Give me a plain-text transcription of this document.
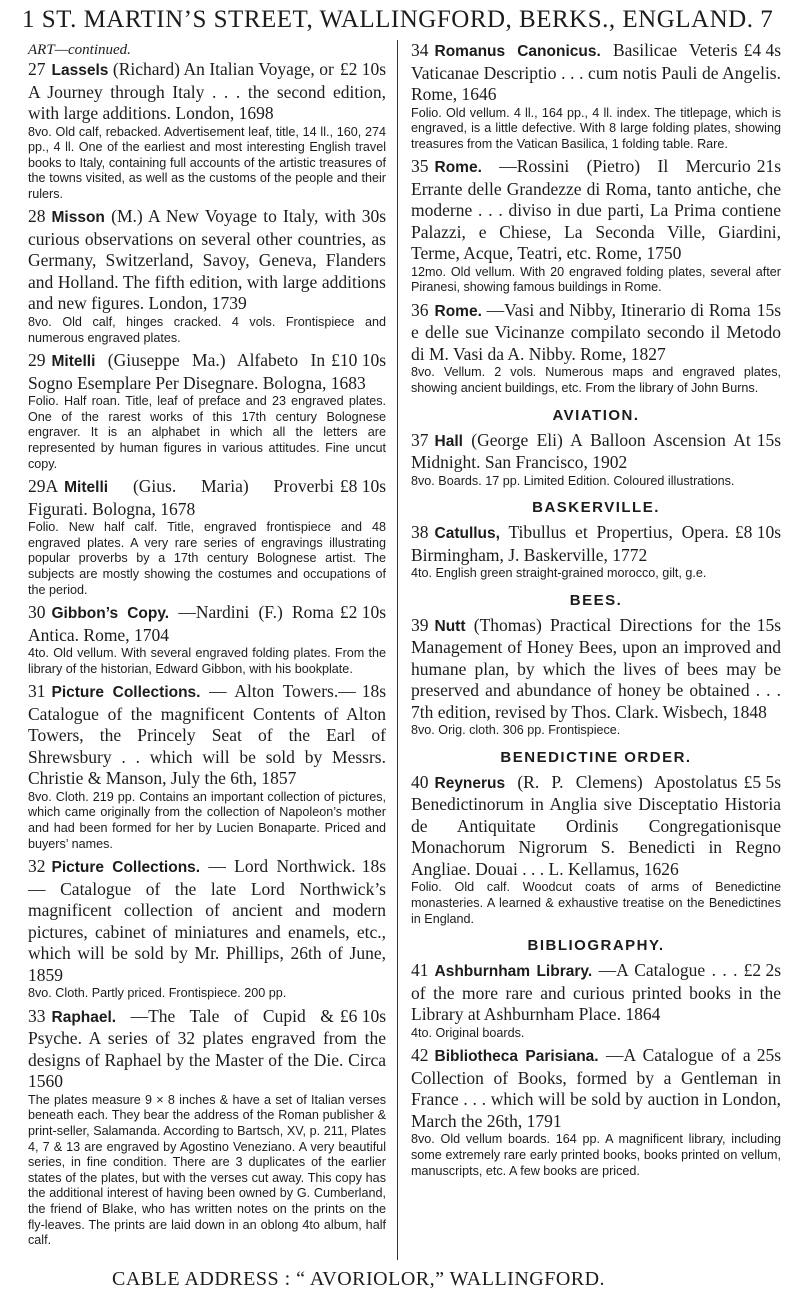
1 ST. MARTIN’S STREET, WALLINGFORD, BERKS., ENGLAND. 7
ART—continued.
£2 10s
27 Lassels (Richard) An Italian Voyage, or A Journey through Italy . . . the second edition, with large additions. London, 1698
8vo. Old calf, rebacked. Advertisement leaf, title, 14 ll., 160, 274 pp., 4 ll. One of the earliest and most interesting English travel books to Italy, containing full accounts of the artistic treasures of the towns visited, as well as the customs of the people and their rulers.
30s
28 Misson (M.) A New Voyage to Italy, with curious observations on several other countries, as Germany, Switzerland, Savoy, Geneva, Flanders and Holland. The fifth edition, with large additions and new figures. London, 1739
8vo. Old calf, hinges cracked. 4 vols. Frontispiece and numerous engraved plates.
£10 10s
29 Mitelli (Giuseppe Ma.) Alfabeto In Sogno Esemplare Per Disegnare. Bologna, 1683
Folio. Half roan. Title, leaf of preface and 23 engraved plates. One of the rarest works of this 17th century Bolognese engraver. It is an alphabet in which all the letters are represented by human figures in various attitudes. Fine uncut copy.
£8 10s
29A Mitelli (Gius. Maria) Proverbi Figurati. Bologna, 1678
Folio. New half calf. Title, engraved frontispiece and 48 engraved plates. A very rare series of engravings illustrating popular proverbs by a 17th century Bolognese artist. The subjects are mostly showing the costumes and occupations of the period.
£2 10s
30 Gibbon’s Copy. —Nardini (F.) Roma Antica. Rome, 1704
4to. Old vellum. With several engraved folding plates. From the library of the historian, Edward Gibbon, with his bookplate.
18s
31 Picture Collections. — Alton Towers.—Catalogue of the magnificent Contents of Alton Towers, the Princely Seat of the Earl of Shrewsbury . . which will be sold by Messrs. Christie & Manson, July the 6th, 1857
8vo. Cloth. 219 pp. Contains an important collection of pictures, which came originally from the collection of Napoleon’s mother and had been formed for her by Lucien Bonaparte. Priced and buyers’ names.
18s
32 Picture Collections. — Lord Northwick. — Catalogue of the late Lord Northwick’s magnificent collection of ancient and modern pictures, cabinet of miniatures and enamels, etc., which will be sold by Mr. Phillips, 26th of June, 1859
8vo. Cloth. Partly priced. Frontispiece. 200 pp.
£6 10s
33 Raphael. —The Tale of Cupid & Psyche. A series of 32 plates engraved from the designs of Raphael by the Master of the Die. Circa 1560
The plates measure 9 × 8 inches & have a set of Italian verses beneath each. They bear the address of the Roman publisher & print-seller, Salamanda. According to Bartsch, XV, p. 211, Plates 4, 7 & 13 are engraved by Agostino Veneziano. A very beautiful series, in fine condition. There are 3 duplicates of the earlier states of the plates, but with the verses cut away. This copy has the additional interest of having been owned by G. Cumberland, the friend of Blake, who has written notes on the prints on the fly-leaves. The prints are laid down in an oblong 4to album, half calf.
£4 4s
34 Romanus Canonicus. Basilicae Veteris Vaticanae Descriptio . . . cum notis Pauli de Angelis. Rome, 1646
Folio. Old vellum. 4 ll., 164 pp., 4 ll. index. The titlepage, which is engraved, is a little defective. With 8 large folding plates, showing treasures from the Vatican Basilica, 1 folding table. Rare.
21s
35 Rome. —Rossini (Pietro) Il Mercurio Errante delle Grandezze di Roma, tanto antiche, che moderne . . . diviso in due parti, La Prima contiene Palazzi, e Chiese, La Seconda Ville, Giardini, Terme, Acque, Teatri, etc. Rome, 1750
12mo. Old vellum. With 20 engraved folding plates, several after Piranesi, showing famous buildings in Rome.
15s
36 Rome. —Vasi and Nibby, Itinerario di Roma e delle sue Vicinanze compilato secondo il Metodo di M. Vasi da A. Nibby. Rome, 1827
8vo. Vellum. 2 vols. Numerous maps and engraved plates, showing ancient buildings, etc. From the library of John Burns.
AVIATION.
15s
37 Hall (George Eli) A Balloon Ascension At Midnight. San Francisco, 1902
8vo. Boards. 17 pp. Limited Edition. Coloured illustrations.
BASKERVILLE.
£8 10s
38 Catullus, Tibullus et Propertius, Opera. Birmingham, J. Baskerville, 1772
4to. English green straight-grained morocco, gilt, g.e.
BEES.
15s
39 Nutt (Thomas) Practical Directions for the Management of Honey Bees, upon an improved and humane plan, by which the lives of bees may be preserved and abundance of honey be obtained . . . 7th edition, revised by Thos. Clark. Wisbech, 1848
8vo. Orig. cloth. 306 pp. Frontispiece.
BENEDICTINE ORDER.
£5 5s
40 Reynerus (R. P. Clemens) Apostolatus Benedictinorum in Anglia sive Disceptatio Historia de Antiquitate Ordinis Congregationisque Monachorum Nigrorum S. Benedicti in Regno Angliae. Douai . . . L. Kellamus, 1626
Folio. Old calf. Woodcut coats of arms of Benedictine monasteries. A learned & exhaustive treatise on the Benedictines in England.
BIBLIOGRAPHY.
£2 2s
41 Ashburnham Library. —A Catalogue . . . of the more rare and curious printed books in the Library at Ashburnham Place. 1864
4to. Original boards.
25s
42 Bibliotheca Parisiana. —A Catalogue of a Collection of Books, formed by a Gentleman in France . . . which will be sold by auction in London, March the 26th, 1791
8vo. Old vellum boards. 164 pp. A magnificent library, including some extremely rare early printed books, books printed on vellum, manuscripts, etc. A few books are priced.
CABLE ADDRESS : “ AVORIOLOR,” WALLINGFORD.
